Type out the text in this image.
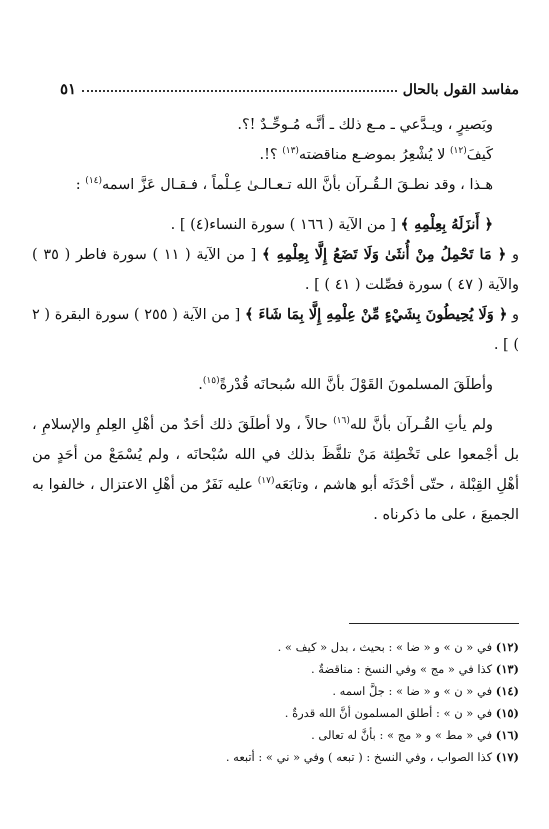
مفاسد القول بالحال
٥١

وبَصيرٍ ، ويـدَّعي ـ مـع ذلك ـ أنَّـه مُـوحِّـدٌ !؟.

كَيفَ$^{(١٢)}$ لا يُشْعِرُ بموضـع مناقضته$^{(١٣)}$ ؟!.

هـذا ، وقد نطـقَ الـقُـرآن بأنَّ الله تـعـالـىٰ عِـلْماً ، فـقـال عَزَّ اسمه$^{(١٤)}$ :

﴿ أَنزَلَهُ بِعِلْمِهِ ﴾ [ من الآية ( ١٦٦ ) سورة النساء(٤) ] .

و ﴿ مَا تَحْمِلُ مِنْ أُنثَىٰ وَلَا تَضَعُ إِلَّا بِعِلْمِهِ ﴾ [ من الآية ( ١١ ) سورة فاطر ( ٣٥ ) والآية ( ٤٧ ) سورة فصِّلت ( ٤١ ) ] .

و ﴿ وَلَا يُحِيطُونَ بِشَيْءٍ مِّنْ عِلْمِهِ إِلَّا بِمَا شَاءَ ﴾ [ من الآية ( ٢٥٥ ) سورة البقرة ( ٢ ) ] .

وأطلَقَ المسلمونَ القَوْلَ بأنَّ الله سُبحانَه قُدْرةً$^{(١٥)}$.

ولم يأتِ القُـرآن بأنَّ لله$^{(١٦)}$ حالاً ، ولا أطلَقَ ذلك أحَدٌ من أهْلِ العِلمِ والإسلامِ ، بل أجْمعوا على تَخْطِئة مَنْ تلفَّظَ بذلك في الله سُبْحانَه ، ولم يُسْمَعْ من أحَدٍ من أهْلِ القِبْلة ، حتّى أحْدَثَه أبو هاشم ، وتابَعَه$^{(١٧)}$ عليه نَفَرٌ من أهْلِ الاعتزال ، خالفوا به الجميعَ ، على ما ذكرناه .

(١٢) في « ن » و « ضا » : بحيث ، بدل « كيف » .
(١٣) كذا في « مج » وفي النسخ : مناقضةٌ .
(١٤) في « ن » و « ضا » : جلَّ اسمه .
(١٥) في « ن » : أطلق المسلمون أنَّ الله قدرةٌ .
(١٦) في « مط » و « مج » : بأنَّ له تعالى .
(١٧) كذا الصواب ، وفي النسخ : ( تبعه ) وفي « ني » : أتبعه .
